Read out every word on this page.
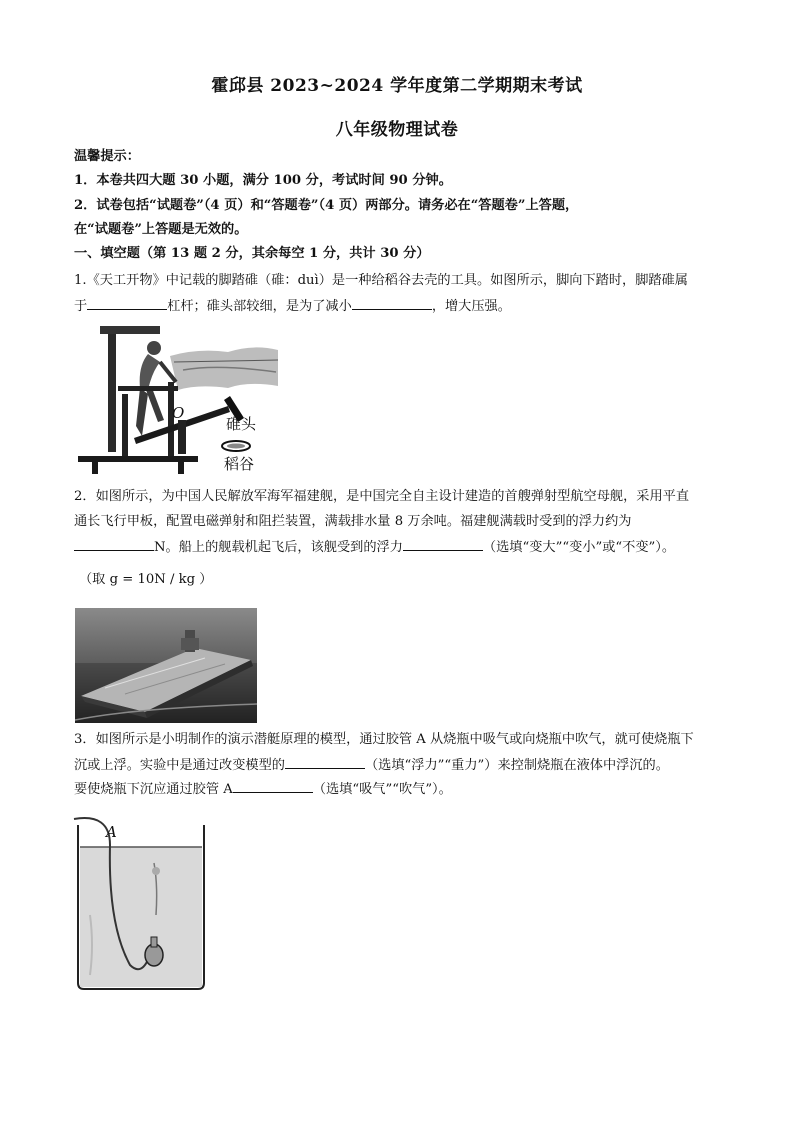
霍邱县 2023~2024 学年度第二学期期末考试
八年级物理试卷
温馨提示：
1．本卷共四大题 30 小题，满分 100 分，考试时间 90 分钟。
2．试卷包括“试题卷”（4 页）和“答题卷”（4 页）两部分。请务必在“答题卷”上答题，
在“试题卷”上答题是无效的。
一、填空题（第 13 题 2 分，其余每空 1 分，共计 30 分）
1.《天工开物》中记载的脚踏碓（碓：duì）是一种给稻谷去壳的工具。如图所示，脚向下踏时，脚踏碓属
于	杠杆；碓头部较细，是为了减小	，增大压强。
O
碓头
稻谷
2．如图所示，为中国人民解放军海军福建舰，是中国完全自主设计建造的首艘弹射型航空母舰，采用平直
通长飞行甲板，配置电磁弹射和阻拦装置，满载排水量 8 万余吨。福建舰满载时受到的浮力约为
N。船上的舰载机起飞后，该舰受到的浮力	（选填“变大”“变小”或“不变”）。
（取 g = 10N / kg ）
3．如图所示是小明制作的演示潜艇原理的模型，通过胶管 A 从烧瓶中吸气或向烧瓶中吹气，就可使烧瓶下
沉或上浮。实验中是通过改变模型的	（选填“浮力”“重力”）来控制烧瓶在液体中浮沉的。
要使烧瓶下沉应通过胶管 A	（选填“吸气”“吹气”）。
A
